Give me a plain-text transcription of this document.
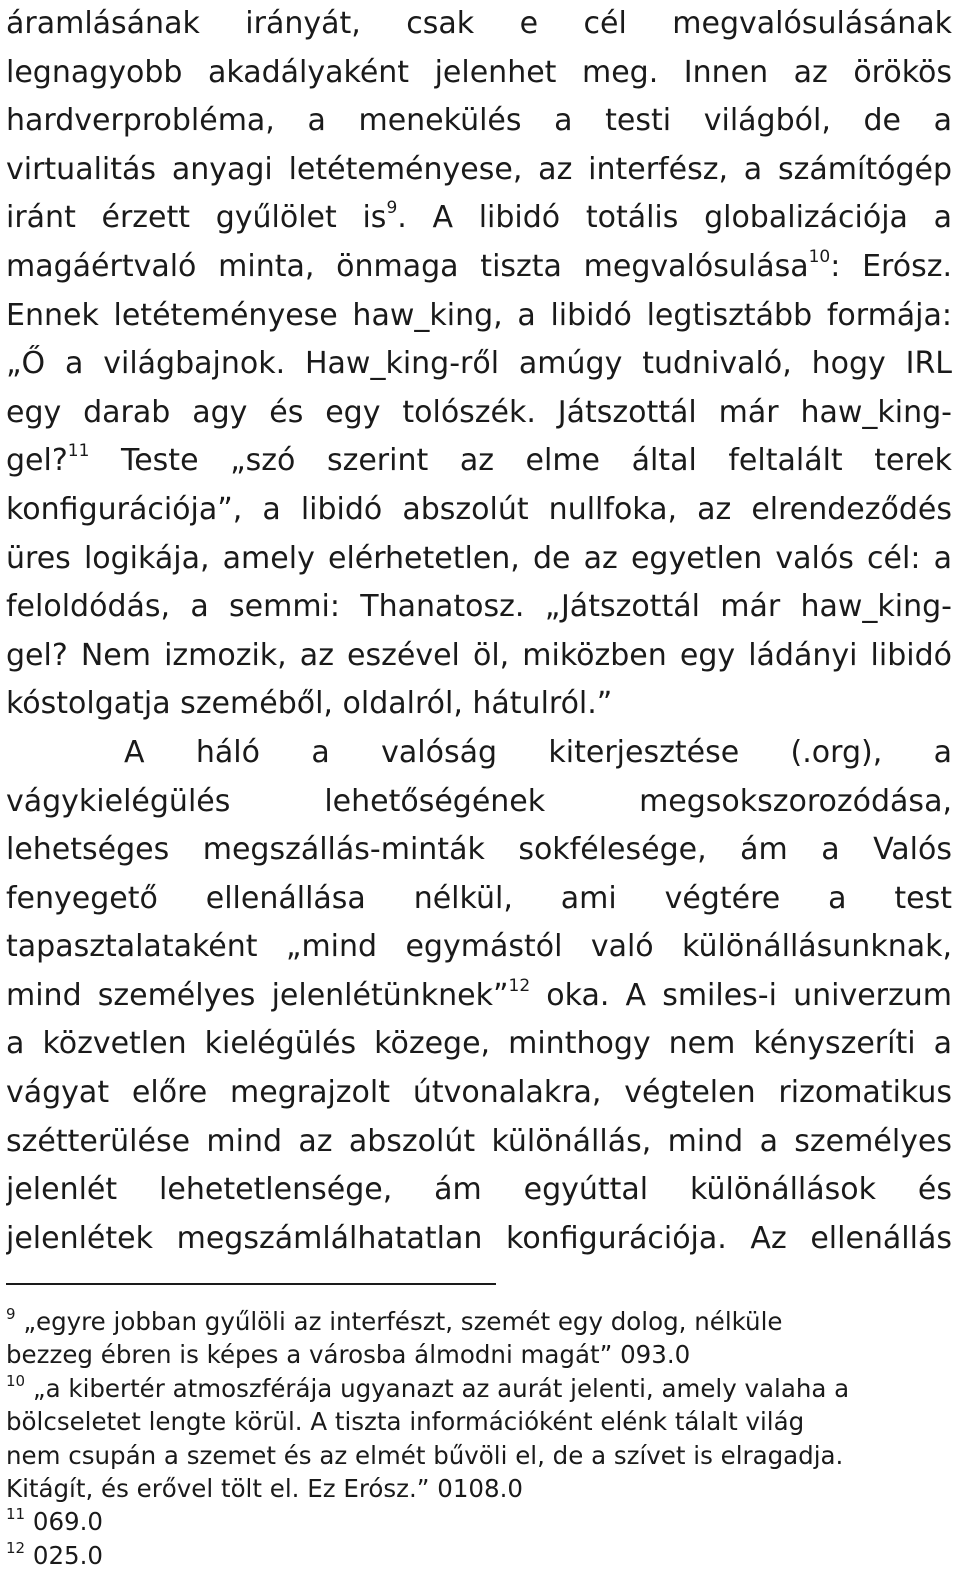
áramlásának irányát, csak e cél megvalósulásának
legnagyobb akadályaként jelenhet meg. Innen az örökös
hardverprobléma, a menekülés a testi világból, de a
virtualitás anyagi letéteményese, az interfész, a számítógép
iránt érzett gyűlölet is$^9$. A libidó totális globalizációja a
magáértvaló minta, önmaga tiszta megvalósulása$^{10}$: Erósz.
Ennek letéteményese haw_king, a libidó legtisztább formája:
„Ő a világbajnok. Haw_king-ről amúgy tudnivaló, hogy IRL
egy darab agy és egy tolószék. Játszottál már haw_king-
gel?$^{11}$ Teste „szó szerint az elme által feltalált terek
konfigurációja”, a libidó abszolút nullfoka, az elrendeződés
üres logikája, amely elérhetetlen, de az egyetlen valós cél: a
feloldódás, a semmi: Thanatosz. „Játszottál már haw_king-
gel? Nem izmozik, az eszével öl, miközben egy ládányi libidó
kóstolgatja szeméből, oldalról, hátulról.”
A háló a valóság kiterjesztése (.org), a
vágykielégülés lehetőségének megsokszorozódása,
lehetséges megszállás-minták sokfélesége, ám a Valós
fenyegető ellenállása nélkül, ami végtére a test
tapasztalataként „mind egymástól való különállásunknak,
mind személyes jelenlétünknek”$^{12}$ oka. A smiles-i univerzum
a közvetlen kielégülés közege, minthogy nem kényszeríti a
vágyat előre megrajzolt útvonalakra, végtelen rizomatikus
szétterülése mind az abszolút különállás, mind a személyes
jelenlét lehetetlensége, ám egyúttal különállások és
jelenlétek megszámlálhatatlan konfigurációja. Az ellenállás
$^9$ „egyre jobban gyűlöli az interfészt, szemét egy dolog, nélküle
bezzeg ébren is képes a városba álmodni magát” 093.0
$^{10}$ „a kibertér atmoszférája ugyanazt az aurát jelenti, amely valaha a
bölcseletet lengte körül. A tiszta információként elénk tálalt világ
nem csupán a szemet és az elmét bűvöli el, de a szívet is elragadja.
Kitágít, és erővel tölt el. Ez Erósz.” 0108.0
$^{11}$ 069.0
$^{12}$ 025.0
